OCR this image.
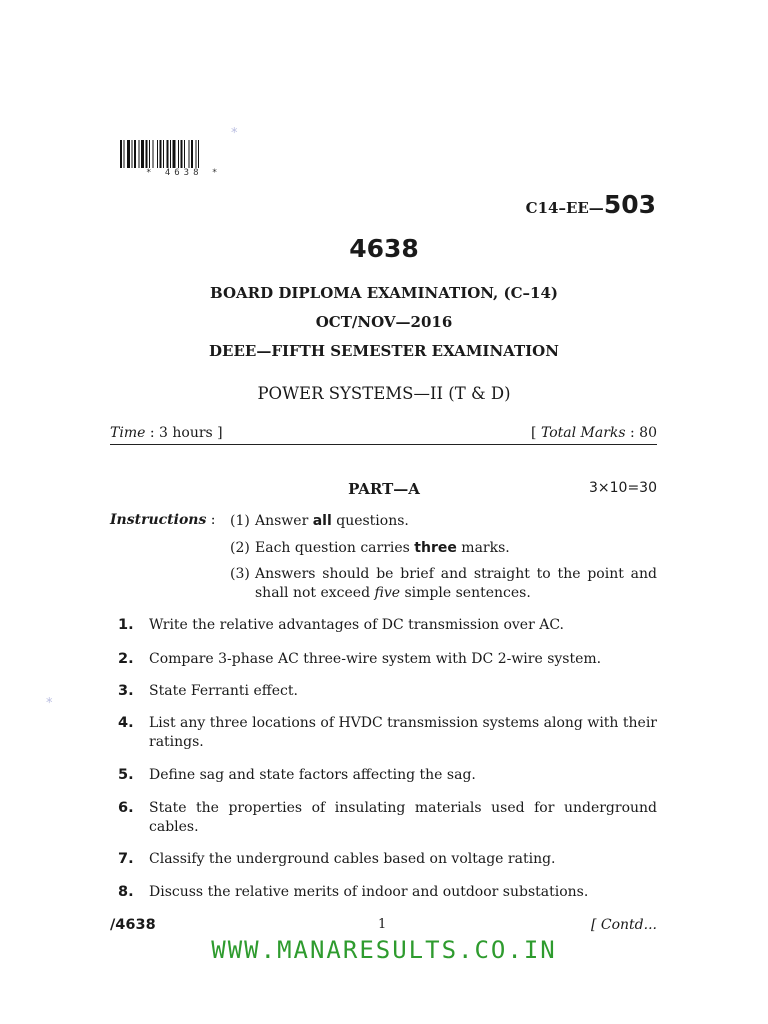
* 4638 *
*
*
C14–EE—503
4638
BOARD DIPLOMA EXAMINATION, (C–14)
OCT/NOV—2016
DEEE—FIFTH SEMESTER EXAMINATION
POWER SYSTEMS—II (T & D)
Time : 3 hours ]	[ Total Marks : 80
PART—A	3×10=30
Instructions : (1) Answer all questions.
(2) Each question carries three marks.
(3) Answers should be brief and straight to the point and shall not exceed five simple sentences.
1. Write the relative advantages of DC transmission over AC.
2. Compare 3-phase AC three-wire system with DC 2-wire system.
3. State Ferranti effect.
4. List any three locations of HVDC transmission systems along with their ratings.
5. Define sag and state factors affecting the sag.
6. State the properties of insulating materials used for underground cables.
7. Classify the underground cables based on voltage rating.
8. Discuss the relative merits of indoor and outdoor substations.
/4638	1	[ Contd...
WWW.MANARESULTS.CO.IN
